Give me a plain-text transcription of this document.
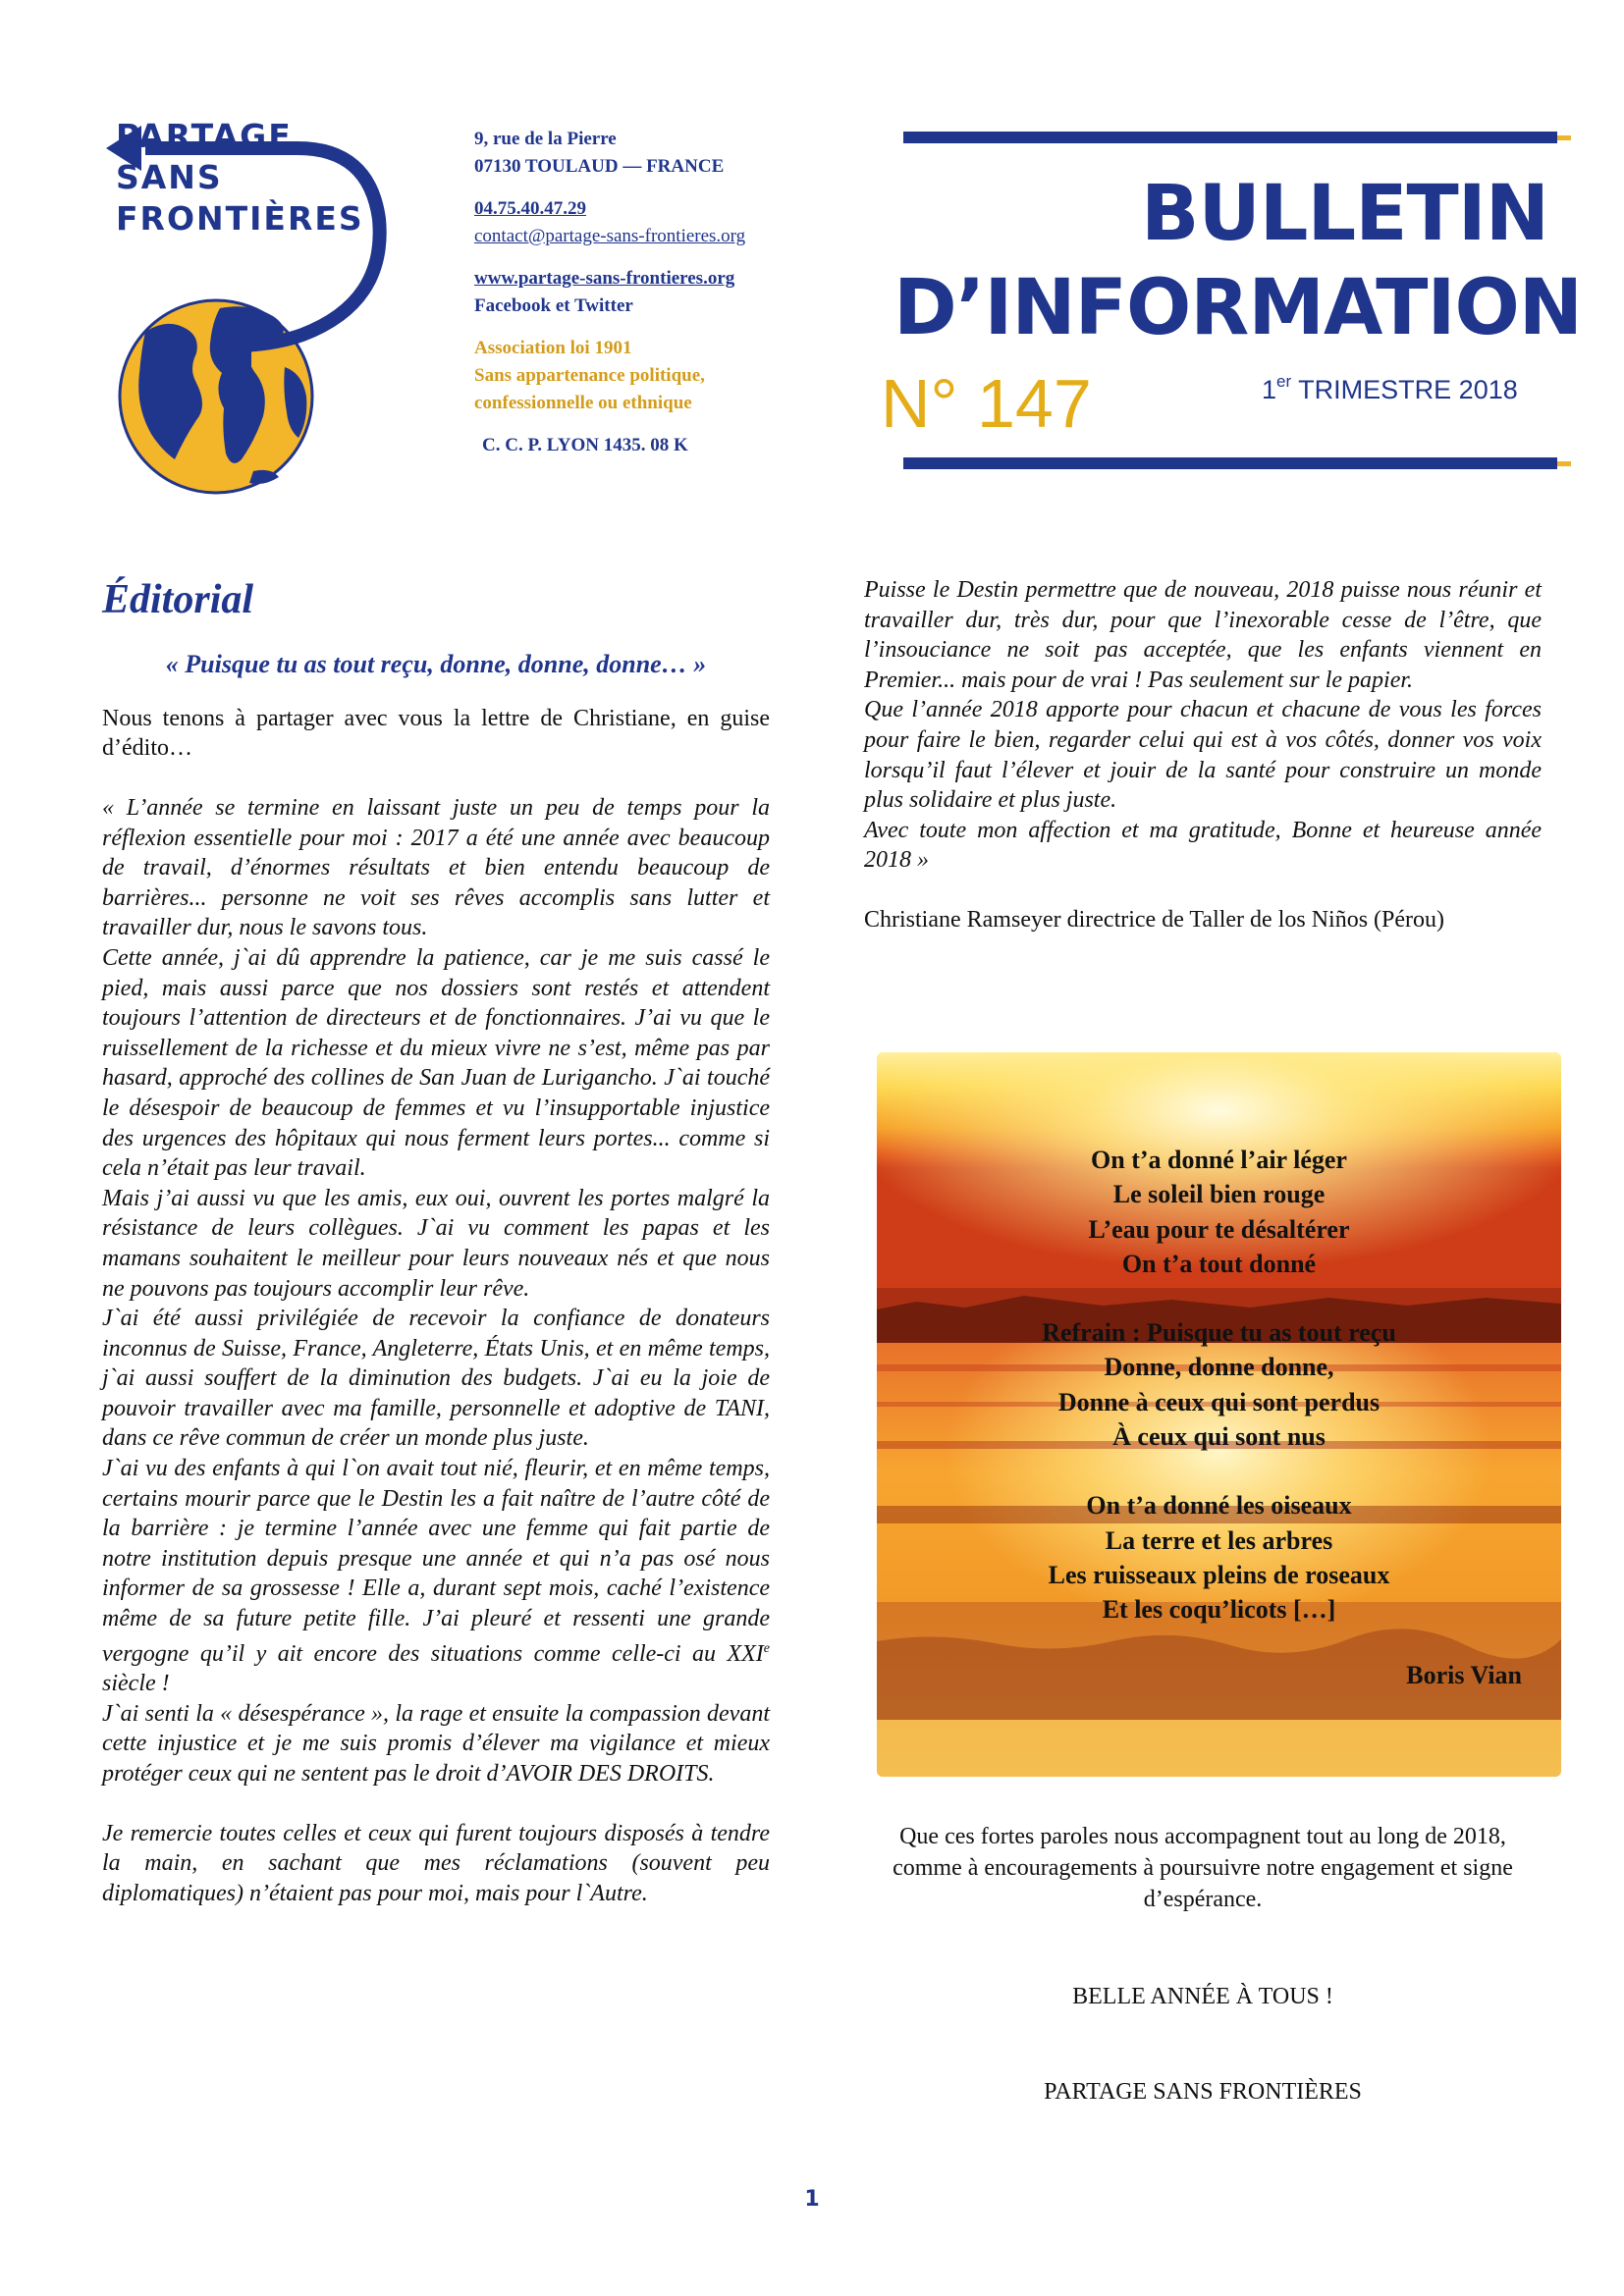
PARTAGE
SANS
FRONTIÈRES
9, rue de la Pierre
07130 TOULAUD — FRANCE
04.75.40.47.29
contact@partage-sans-frontieres.org
www.partage-sans-frontieres.org
Facebook et Twitter
Association loi 1901
Sans appartenance politique,
confessionnelle ou ethnique
C. C. P. LYON 1435. 08 K
BULLETIN
D’INFORMATION
N° 147	1er TRIMESTRE 2018
Éditorial
« Puisque tu as tout reçu, donne, donne, donne… »
Nous tenons à partager avec vous la lettre de Christiane, en guise d’édito…

« L’année se termine en laissant juste un peu de temps pour la réflexion essentielle pour moi : 2017 a été une année avec beaucoup de travail, d’énormes résultats et bien entendu beaucoup de barrières... personne ne voit ses rêves accomplis sans lutter et travailler dur, nous le savons tous.

Cette année, j`ai dû apprendre la patience, car je me suis cassé le pied, mais aussi parce que nos dossiers sont restés et attendent toujours l’attention de directeurs et de fonctionnaires. J’ai vu que le ruissellement de la richesse et du mieux vivre ne s’est, même pas par hasard, approché des collines de San Juan de Lurigancho. J`ai touché le désespoir de beaucoup de femmes et vu l’insupportable injustice des urgences des hôpitaux qui nous ferment leurs portes... comme si cela n’était pas leur travail.

Mais j’ai aussi vu que les amis, eux oui, ouvrent les portes malgré la résistance de leurs collègues. J`ai vu comment les papas et les mamans souhaitent le meilleur pour leurs nouveaux nés et que nous ne pouvons pas toujours accomplir leur rêve.

J`ai été aussi privilégiée de recevoir la confiance de donateurs inconnus de Suisse, France, Angleterre, États Unis, et en même temps, j`ai aussi souffert de la diminution des budgets. J`ai eu la joie de pouvoir travailler avec ma famille, personnelle et adoptive de TANI, dans ce rêve commun de créer un monde plus juste.

J`ai vu des enfants à qui l`on avait tout nié, fleurir, et en même temps, certains mourir parce que le Destin les a fait naître de l’autre côté de la barrière : je termine l’année avec une femme qui fait partie de notre institution depuis presque une année et qui n’a pas osé nous informer de sa grossesse ! Elle a, durant sept mois, caché l’existence même de sa future petite fille. J’ai pleuré et ressenti une grande vergogne qu’il y ait encore des situations comme celle-ci au XXIe siècle !

J`ai senti la « désespérance », la rage et ensuite la compassion devant cette injustice et je me suis promis d’élever ma vigilance et mieux protéger ceux qui ne sentent pas le droit d’AVOIR DES DROITS.

Je remercie toutes celles et ceux qui furent toujours disposés à tendre la main, en sachant que mes réclamations (souvent peu diplomatiques) n’étaient pas pour moi, mais pour l`Autre.

Puisse le Destin permettre que de nouveau, 2018 puisse nous réunir et travailler dur, très dur, pour que l’inexorable cesse de l’être, que l’insouciance ne soit pas acceptée, que les enfants viennent en Premier... mais pour de vrai ! Pas seulement sur le papier.

Que l’année 2018 apporte pour chacun et chacune de vous les forces pour faire le bien, regarder celui qui est à vos côtés, donner vos voix lorsqu’il faut l’élever et jouir de la santé pour construire un monde plus solidaire et plus juste.

Avec toute mon affection et ma gratitude, Bonne et heureuse année 2018 »

Christiane Ramseyer directrice de Taller de los Niños (Pérou)
On t’a donné l’air léger
Le soleil bien rouge
L’eau pour te désaltérer
On t’a tout donné
Refrain : Puisque tu as tout reçu
Donne, donne donne,
Donne à ceux qui sont perdus
À ceux qui sont nus
On t’a donné les oiseaux
La terre et les arbres
Les ruisseaux pleins de roseaux
Et les coqu’licots […]
Boris Vian
Que ces fortes paroles nous accompagnent tout au long de 2018, comme à encouragements à poursuivre notre engagement et signe d’espérance.
BELLE ANNÉE À TOUS !
PARTAGE SANS FRONTIÈRES
1
